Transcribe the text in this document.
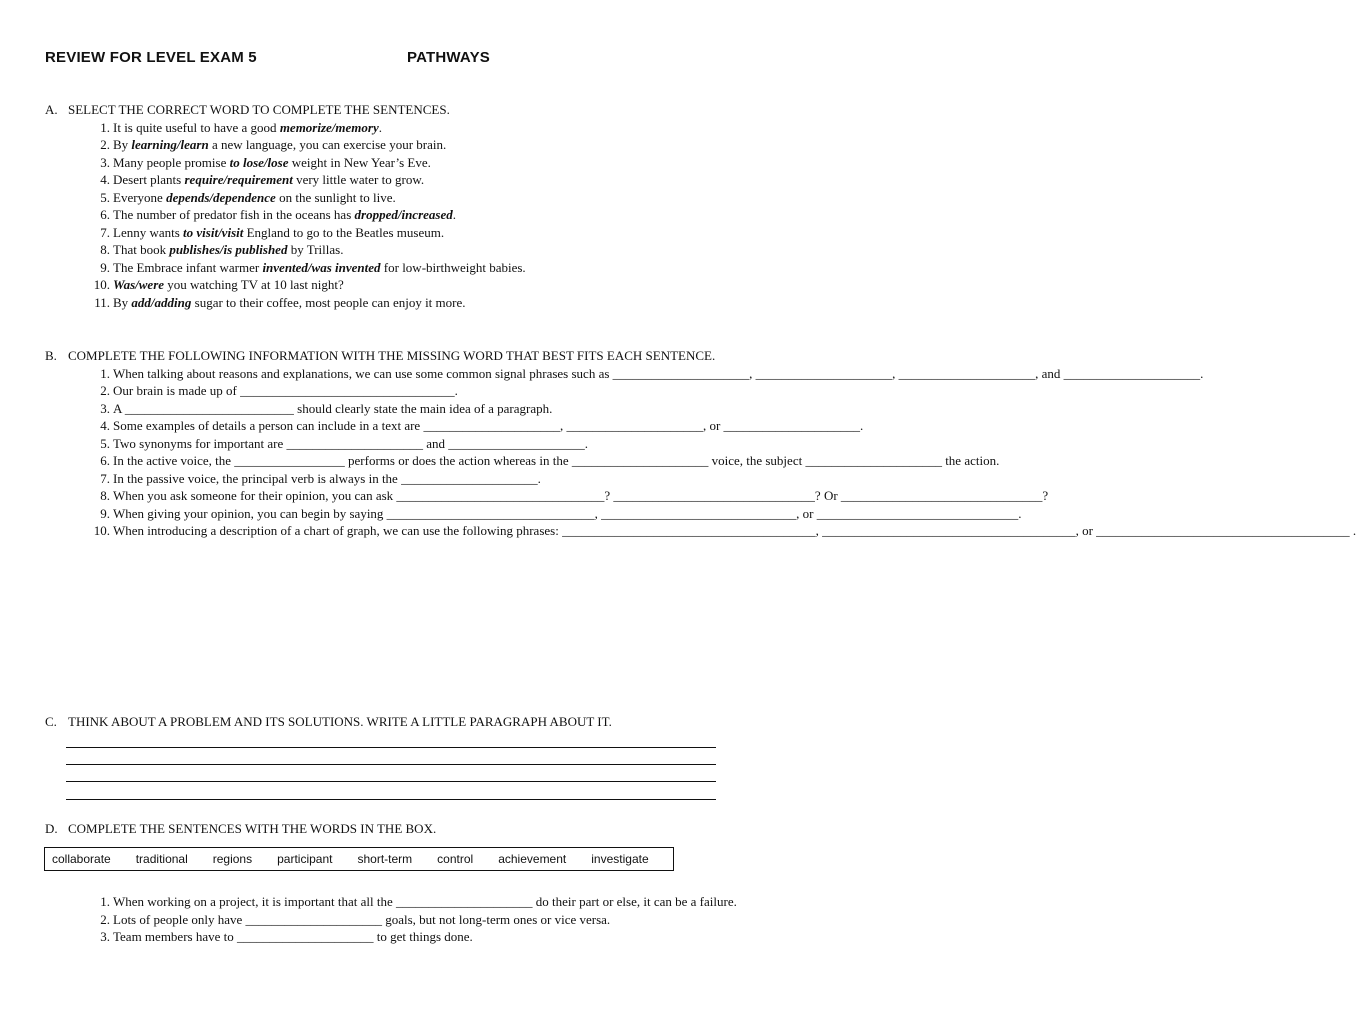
REVIEW FOR LEVEL EXAM 5	PATHWAYS
A. SELECT THE CORRECT WORD TO COMPLETE THE SENTENCES.
1. It is quite useful to have a good memorize/memory.
2. By learning/learn a new language, you can exercise your brain.
3. Many people promise to lose/lose weight in New Year’s Eve.
4. Desert plants require/requirement very little water to grow.
5. Everyone depends/dependence on the sunlight to live.
6. The number of predator fish in the oceans has dropped/increased.
7. Lenny wants to visit/visit England to go to the Beatles museum.
8. That book publishes/is published by Trillas.
9. The Embrace infant warmer invented/was invented for low-birthweight babies.
10. Was/were you watching TV at 10 last night?
11. By add/adding sugar to their coffee, most people can enjoy it more.
B. COMPLETE THE FOLLOWING INFORMATION WITH THE MISSING WORD THAT BEST FITS EACH SENTENCE.
1. When talking about reasons and explanations, we can use some common signal phrases such as _____________________, _____________________, _____________________, and _____________________.
2. Our brain is made up of _________________________________.
3. A __________________________ should clearly state the main idea of a paragraph.
4. Some examples of details a person can include in a text are _____________________, _____________________, or _____________________.
5. Two synonyms for important are _____________________ and _____________________.
6. In the active voice, the _________________ performs or does the action whereas in the _____________________ voice, the subject _____________________ the action.
7. In the passive voice, the principal verb is always in the _____________________.
8. When you ask someone for their opinion, you can ask ________________________________? _______________________________? Or _______________________________?
9. When giving your opinion, you can begin by saying ________________________________, ______________________________, or _______________________________.
10. When introducing a description of a chart of graph, we can use the following phrases: _______________________________________, _______________________________________, or _______________________________________ .
C. THINK ABOUT A PROBLEM AND ITS SOLUTIONS. WRITE A LITTLE PARAGRAPH ABOUT IT.
D. COMPLETE THE SENTENCES WITH THE WORDS IN THE BOX.
collaborate traditional regions participant short-term control achievement investigate
1. When working on a project, it is important that all the _____________________ do their part or else, it can be a failure.
2. Lots of people only have _____________________ goals, but not long-term ones or vice versa.
3. Team members have to _____________________ to get things done.
